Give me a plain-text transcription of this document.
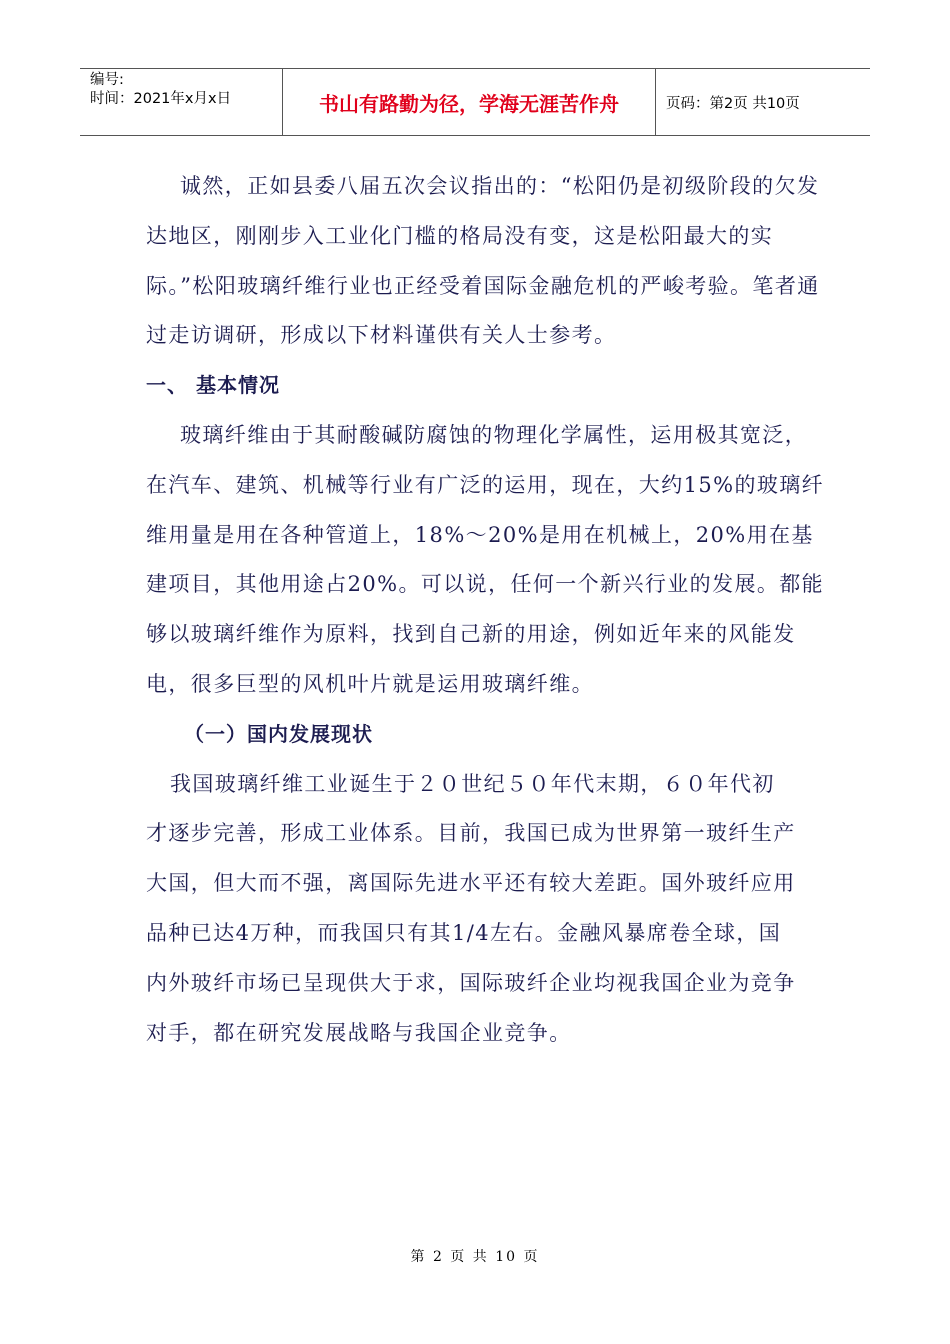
编号:
时间：2021年x月x日	书山有路勤为径，学海无涯苦作舟	页码：第2页 共10页

诚然，正如县委八届五次会议指出的：“松阳仍是初级阶段的欠发达地区，刚刚步入工业化门槛的格局没有变，这是松阳最大的实际。”松阳玻璃纤维行业也正经受着国际金融危机的严峻考验。笔者通过走访调研，形成以下材料谨供有关人士参考。

一、 基本情况

玻璃纤维由于其耐酸碱防腐蚀的物理化学属性，运用极其宽泛，在汽车、建筑、机械等行业有广泛的运用，现在，大约15%的玻璃纤维用量是用在各种管道上，18%～20%是用在机械上，20%用在基建项目，其他用途占20%。可以说，任何一个新兴行业的发展。都能够以玻璃纤维作为原料，找到自己新的用途，例如近年来的风能发电，很多巨型的风机叶片就是运用玻璃纤维。

（一）国内发展现状

我国玻璃纤维工业诞生于２０世纪５０年代末期，６０年代初才逐步完善，形成工业体系。目前，我国已成为世界第一玻纤生产大国，但大而不强，离国际先进水平还有较大差距。国外玻纤应用品种已达4万种，而我国只有其1/4左右。金融风暴席卷全球，国内外玻纤市场已呈现供大于求，国际玻纤企业均视我国企业为竞争对手，都在研究发展战略与我国企业竞争。

第 2 页 共 10 页
